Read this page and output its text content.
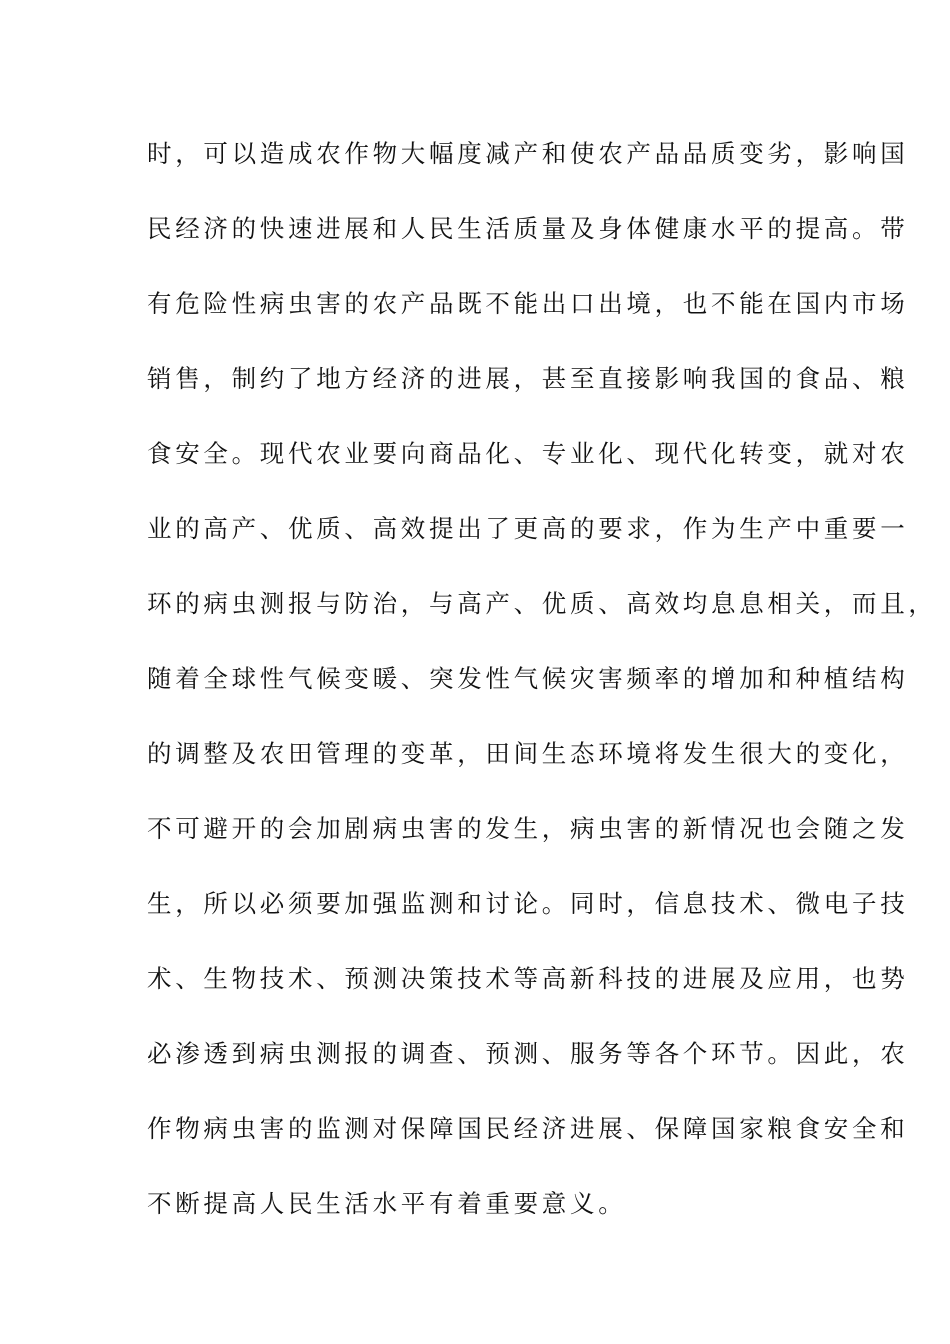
时，可以造成农作物大幅度减产和使农产品品质变劣，影响国
民经济的快速进展和人民生活质量及身体健康水平的提高。带
有危险性病虫害的农产品既不能出口出境，也不能在国内市场
销售，制约了地方经济的进展，甚至直接影响我国的食品、粮
食安全。现代农业要向商品化、专业化、现代化转变，就对农
业的高产、优质、高效提出了更高的要求，作为生产中重要一
环的病虫测报与防治，与高产、优质、高效均息息相关，而且，
随着全球性气候变暖、突发性气候灾害频率的增加和种植结构
的调整及农田管理的变革，田间生态环境将发生很大的变化，
不可避开的会加剧病虫害的发生，病虫害的新情况也会随之发
生，所以必须要加强监测和讨论。同时，信息技术、微电子技
术、生物技术、预测决策技术等高新科技的进展及应用，也势
必渗透到病虫测报的调查、预测、服务等各个环节。因此，农
作物病虫害的监测对保障国民经济进展、保障国家粮食安全和
不断提高人民生活水平有着重要意义。
